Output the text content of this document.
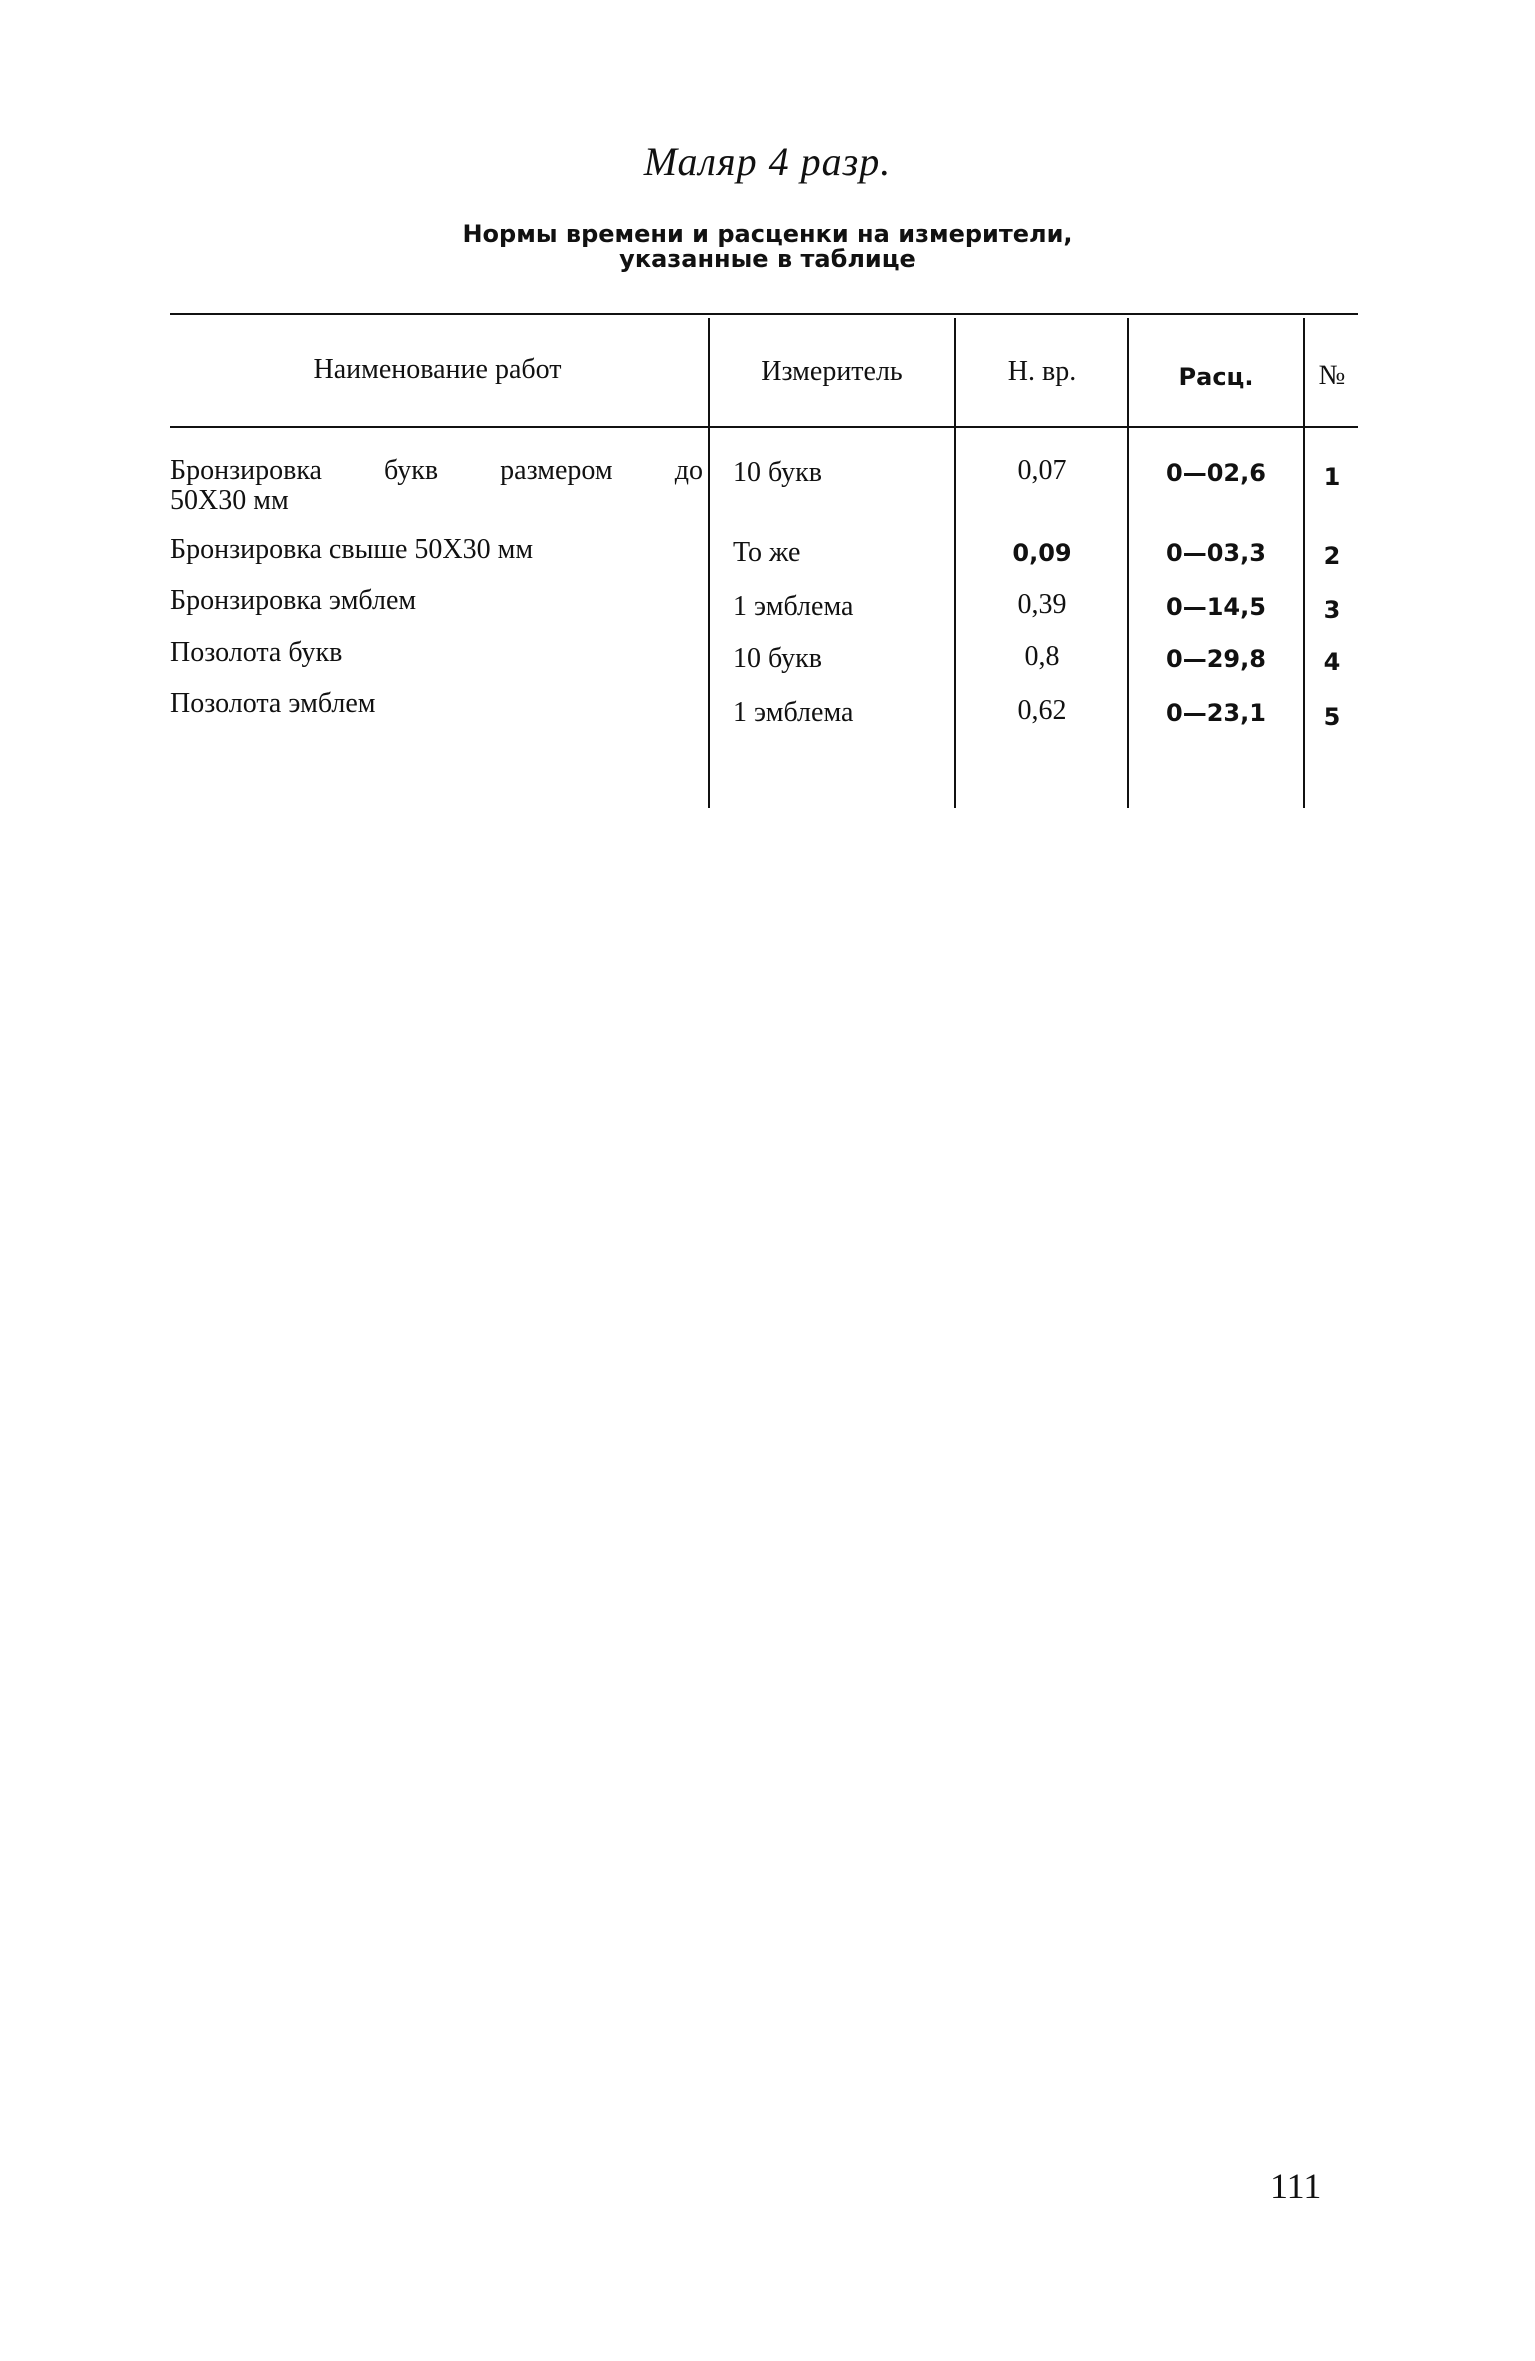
Маляр 4 разр.
Нормы времени и расценки на измерители,
указанные в таблице
Наименование работ	Измеритель	Н. вр.	Расц.	№
Бронзировка букв размером до
50Х30 мм
10 букв	0,07	0—02,6	1
Бронзировка свыше 50Х30 мм	То же	0,09	0—03,3	2
Бронзировка эмблем	1 эмблема	0,39	0—14,5	3
Позолота букв	10 букв	0,8	0—29,8	4
Позолота эмблем	1 эмблема	0,62	0—23,1	5
111
